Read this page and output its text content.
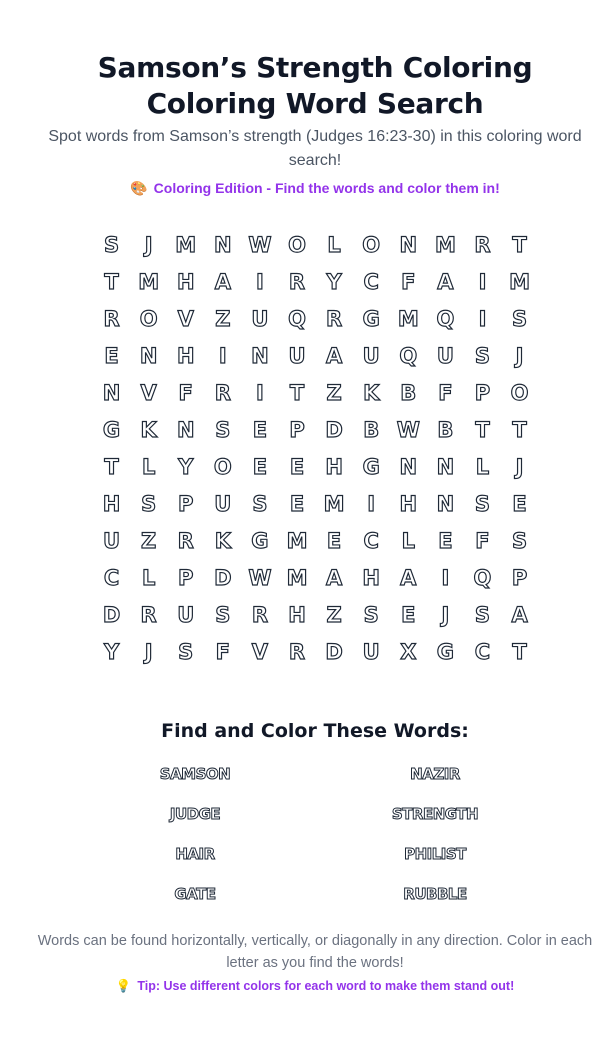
Samson’s Strength Coloring Coloring Word Search

Spot words from Samson’s strength (Judges 16:23-30) in this coloring word search!

🎨 Coloring Edition - Find the words and color them in!
S	J	M N W O	L	O N M R	T
T M H A	I	R	Y	C	F	A	I	M
R O V	Z U Q R G M Q	I	S
E	N H	I	N U A U Q U	S	J
N V	F	R	I	T	Z	K B	F	P O
G K N S	E	P D B W B	T	T
T	L	Y O E	E	H G N N	L	J
H S	P U	S	E M	I	H N S	E
U Z	R K G M E	C	L	E	F	S
C	L	P D W M A H A	I	Q P
D R U	S	R H Z	S	E	J	S	A
Y	J	S	F	V R D U X G C	T
Find and Color These Words:
SAMSON	NAZIR
JUDGE	STRENGTH
HAIR	PHILIST
GATE	RUBBLE

Words can be found horizontally, vertically, or diagonally in any direction. Color in each letter as you find the words!

💡 Tip: Use different colors for each word to make them stand out!
